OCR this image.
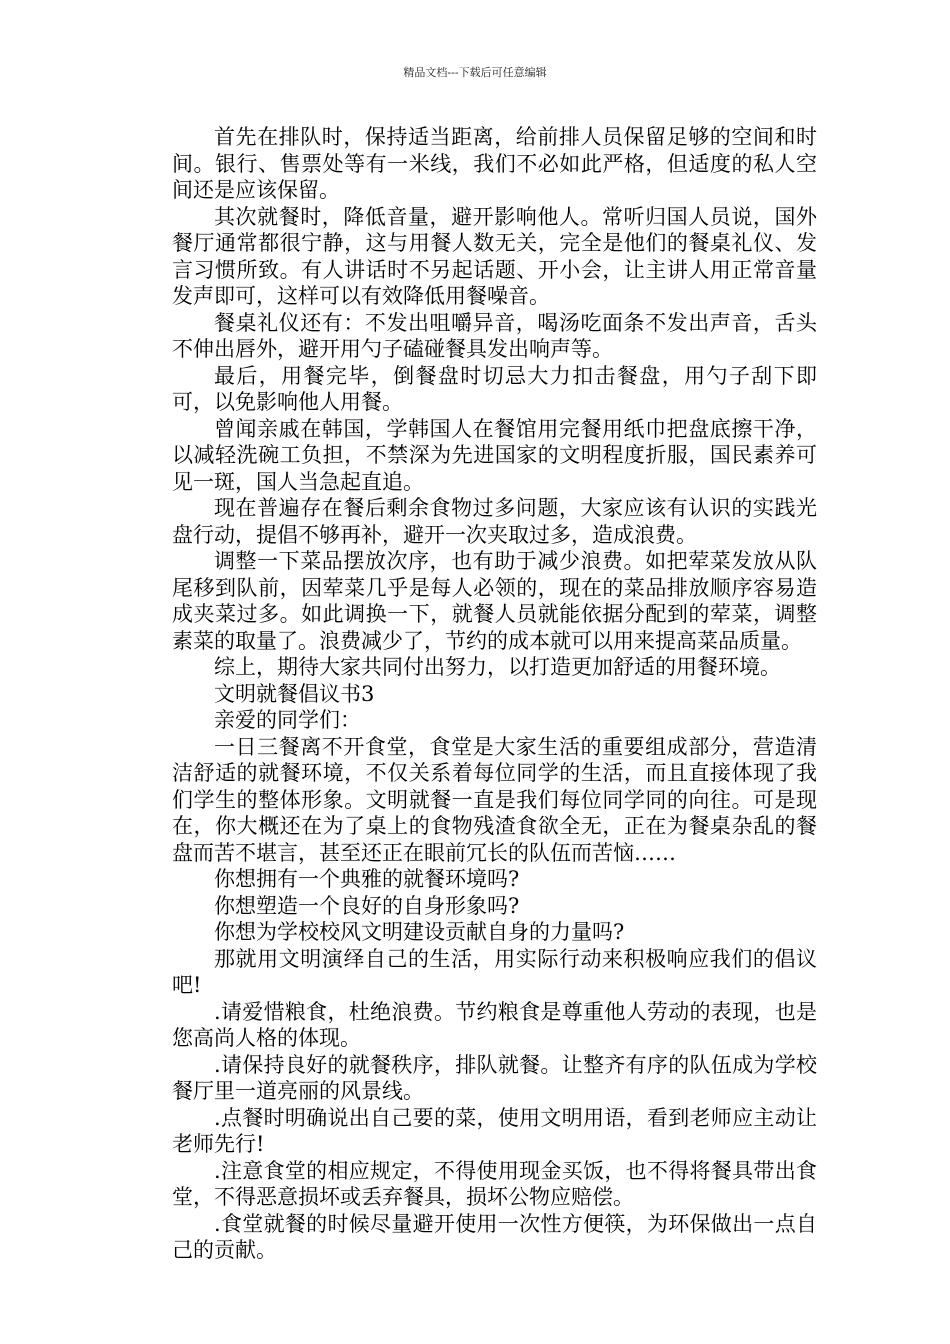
精品文档---下载后可任意编辑

首先在排队时，保持适当距离，给前排人员保留足够的空间和时间。银行、售票处等有一米线，我们不必如此严格，但适度的私人空间还是应该保留。

其次就餐时，降低音量，避开影响他人。常听归国人员说，国外餐厅通常都很宁静，这与用餐人数无关，完全是他们的餐桌礼仪、发言习惯所致。有人讲话时不另起话题、开小会，让主讲人用正常音量发声即可，这样可以有效降低用餐噪音。

餐桌礼仪还有：不发出咀嚼异音，喝汤吃面条不发出声音，舌头不伸出唇外，避开用勺子磕碰餐具发出响声等。

最后，用餐完毕，倒餐盘时切忌大力扣击餐盘，用勺子刮下即可，以免影响他人用餐。

曾闻亲戚在韩国，学韩国人在餐馆用完餐用纸巾把盘底擦干净，以减轻洗碗工负担，不禁深为先进国家的文明程度折服，国民素养可见一斑，国人当急起直追。

现在普遍存在餐后剩余食物过多问题，大家应该有认识的实践光盘行动，提倡不够再补，避开一次夹取过多，造成浪费。

调整一下菜品摆放次序，也有助于减少浪费。如把荤菜发放从队尾移到队前，因荤菜几乎是每人必领的，现在的菜品排放顺序容易造成夹菜过多。如此调换一下，就餐人员就能依据分配到的荤菜，调整素菜的取量了。浪费减少了，节约的成本就可以用来提高菜品质量。

综上，期待大家共同付出努力，以打造更加舒适的用餐环境。

文明就餐倡议书3

亲爱的同学们：

一日三餐离不开食堂，食堂是大家生活的重要组成部分，营造清洁舒适的就餐环境，不仅关系着每位同学的生活，而且直接体现了我们学生的整体形象。文明就餐一直是我们每位同学同的向往。可是现在，你大概还在为了桌上的食物残渣食欲全无，正在为餐桌杂乱的餐盘而苦不堪言，甚至还正在眼前冗长的队伍而苦恼……

你想拥有一个典雅的就餐环境吗?

你想塑造一个良好的自身形象吗?

你想为学校校风文明建设贡献自身的力量吗?

那就用文明演绎自己的生活，用实际行动来积极响应我们的倡议吧!

.请爱惜粮食，杜绝浪费。节约粮食是尊重他人劳动的表现，也是您高尚人格的体现。

.请保持良好的就餐秩序，排队就餐。让整齐有序的队伍成为学校餐厅里一道亮丽的风景线。

.点餐时明确说出自己要的菜，使用文明用语，看到老师应主动让老师先行!

.注意食堂的相应规定，不得使用现金买饭，也不得将餐具带出食堂，不得恶意损坏或丢弃餐具，损坏公物应赔偿。

.食堂就餐的时候尽量避开使用一次性方便筷，为环保做出一点自己的贡献。
